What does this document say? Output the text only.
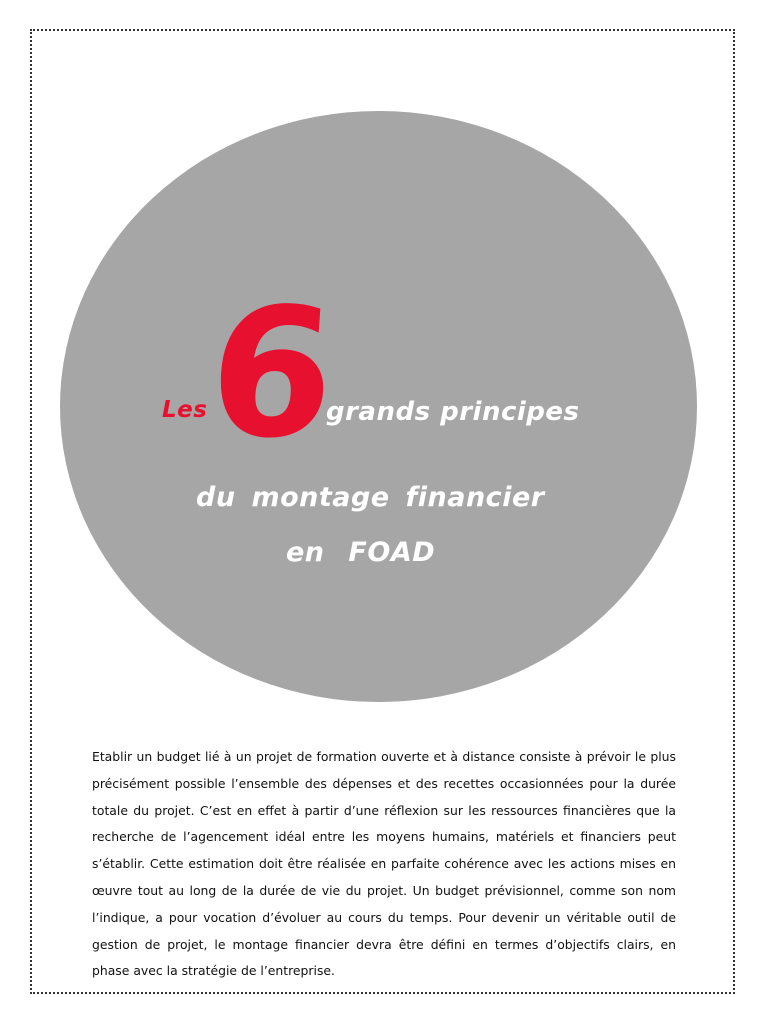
Les
6
grands principes
du montage financier
en FOAD

Etablir un budget lié à un projet de formation ouverte et à distance consiste à prévoir le plus précisément possible l’ensemble des dépenses et des recettes occasionnées pour la durée totale du projet. C’est en effet à partir d’une réflexion sur les ressources financières que la recherche de l’agencement idéal entre les moyens humains, matériels et financiers peut s’établir. Cette estimation doit être réalisée en parfaite cohérence avec les actions mises en œuvre tout au long de la durée de vie du projet. Un budget prévisionnel, comme son nom l’indique, a pour vocation d’évoluer au cours du temps. Pour devenir un véritable outil de gestion de projet, le montage financier devra être défini en termes d’objectifs clairs, en phase avec la stratégie de l’entreprise.
